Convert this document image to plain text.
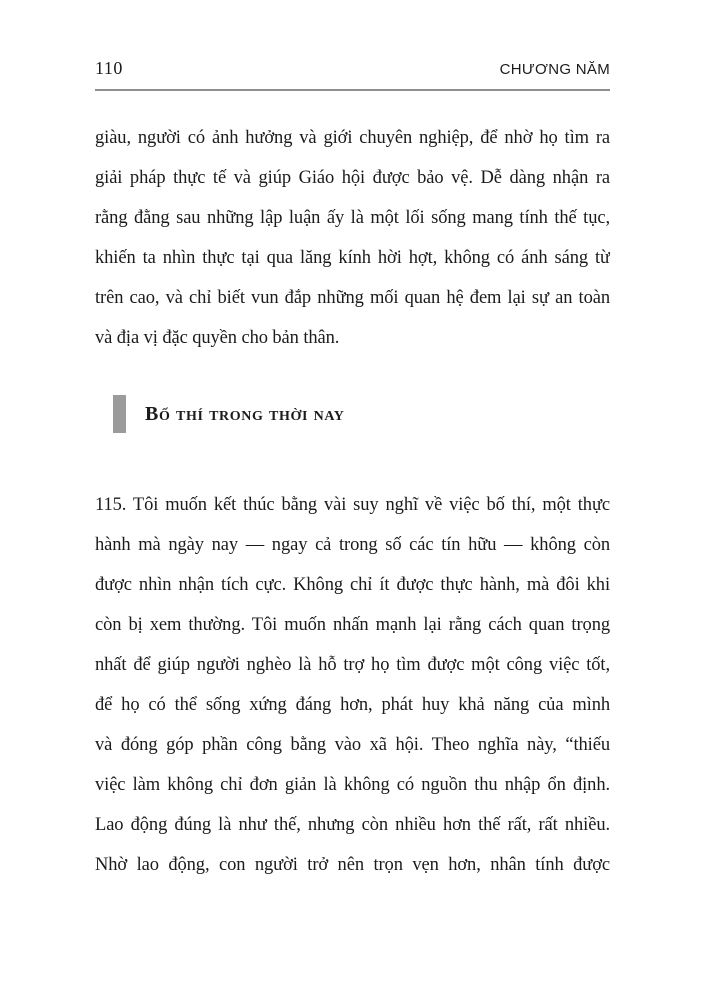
110	CHƯƠNG NĂM
giàu, người có ảnh hưởng và giới chuyên nghiệp, để nhờ họ tìm ra
giải pháp thực tế và giúp Giáo hội được bảo vệ. Dễ dàng nhận ra
rằng đằng sau những lập luận ấy là một lối sống mang tính thế tục,
khiến ta nhìn thực tại qua lăng kính hời hợt, không có ánh sáng từ
trên cao, và chỉ biết vun đắp những mối quan hệ đem lại sự an toàn
và địa vị đặc quyền cho bản thân.
Bố thí trong thời nay
115. Tôi muốn kết thúc bằng vài suy nghĩ về việc bố thí, một thực
hành mà ngày nay — ngay cả trong số các tín hữu — không còn
được nhìn nhận tích cực. Không chỉ ít được thực hành, mà đôi khi
còn bị xem thường. Tôi muốn nhấn mạnh lại rằng cách quan trọng
nhất để giúp người nghèo là hỗ trợ họ tìm được một công việc tốt,
để họ có thể sống xứng đáng hơn, phát huy khả năng của mình
và đóng góp phần công bằng vào xã hội. Theo nghĩa này, “thiếu
việc làm không chỉ đơn giản là không có nguồn thu nhập ổn định.
Lao động đúng là như thế, nhưng còn nhiều hơn thế rất, rất nhiều.
Nhờ lao động, con người trở nên trọn vẹn hơn, nhân tính được
